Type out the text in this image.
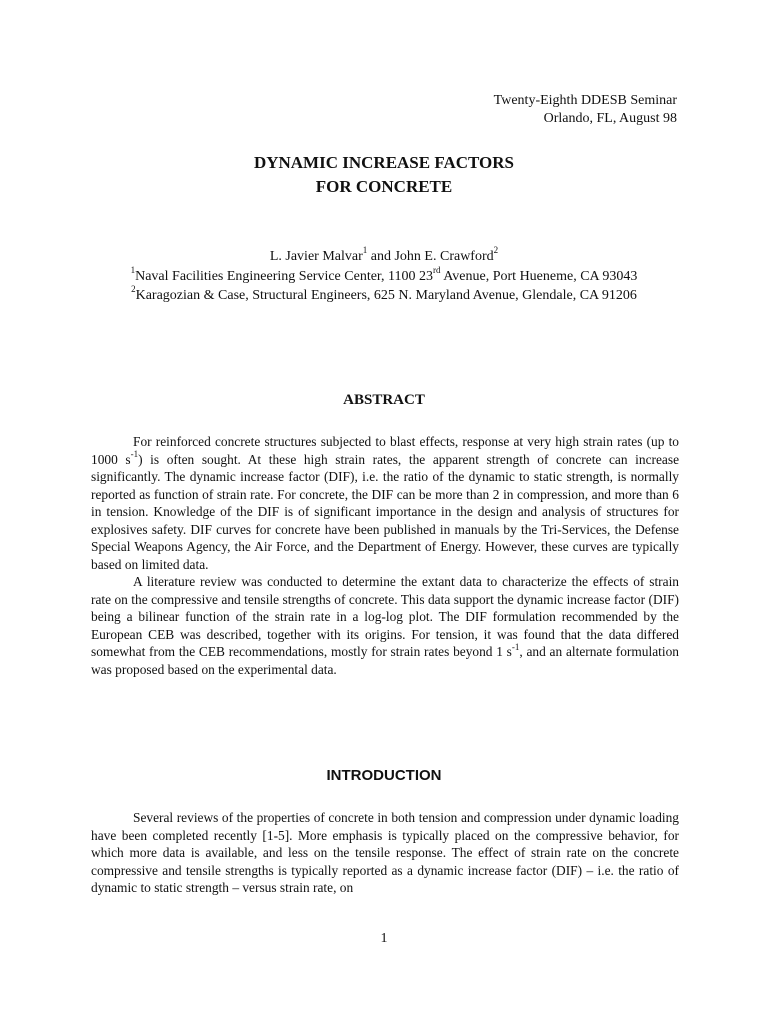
Twenty-Eighth DDESB Seminar
Orlando, FL, August 98
DYNAMIC INCREASE FACTORS
FOR CONCRETE
L. Javier Malvar$^1$ and John E. Crawford$^2$
$^1$Naval Facilities Engineering Service Center, 1100 23rd Avenue, Port Hueneme, CA 93043
$^2$Karagozian & Case, Structural Engineers, 625 N. Maryland Avenue, Glendale, CA 91206
ABSTRACT

For reinforced concrete structures subjected to blast effects, response at very high strain rates (up to 1000 $s^{-1}$) is often sought. At these high strain rates, the apparent strength of concrete can increase significantly. The dynamic increase factor (DIF), i.e. the ratio of the dynamic to static strength, is normally reported as function of strain rate. For concrete, the DIF can be more than 2 in compression, and more than 6 in tension. Knowledge of the DIF is of significant importance in the design and analysis of structures for explosives safety. DIF curves for concrete have been published in manuals by the Tri-Services, the Defense Special Weapons Agency, the Air Force, and the Department of Energy. However, these curves are typically based on limited data.

A literature review was conducted to determine the extant data to characterize the effects of strain rate on the compressive and tensile strengths of concrete. This data support the dynamic increase factor (DIF) being a bilinear function of the strain rate in a log-log plot. The DIF formulation recommended by the European CEB was described, together with its origins. For tension, it was found that the data differed somewhat from the CEB recommendations, mostly for strain rates beyond 1 $s^{-1}$, and an alternate formulation was proposed based on the experimental data.

INTRODUCTION

Several reviews of the properties of concrete in both tension and compression under dynamic loading have been completed recently [1-5]. More emphasis is typically placed on the compressive behavior, for which more data is available, and less on the tensile response. The effect of strain rate on the concrete compressive and tensile strengths is typically reported as a dynamic increase factor (DIF) – i.e. the ratio of dynamic to static strength – versus strain rate, on

1
